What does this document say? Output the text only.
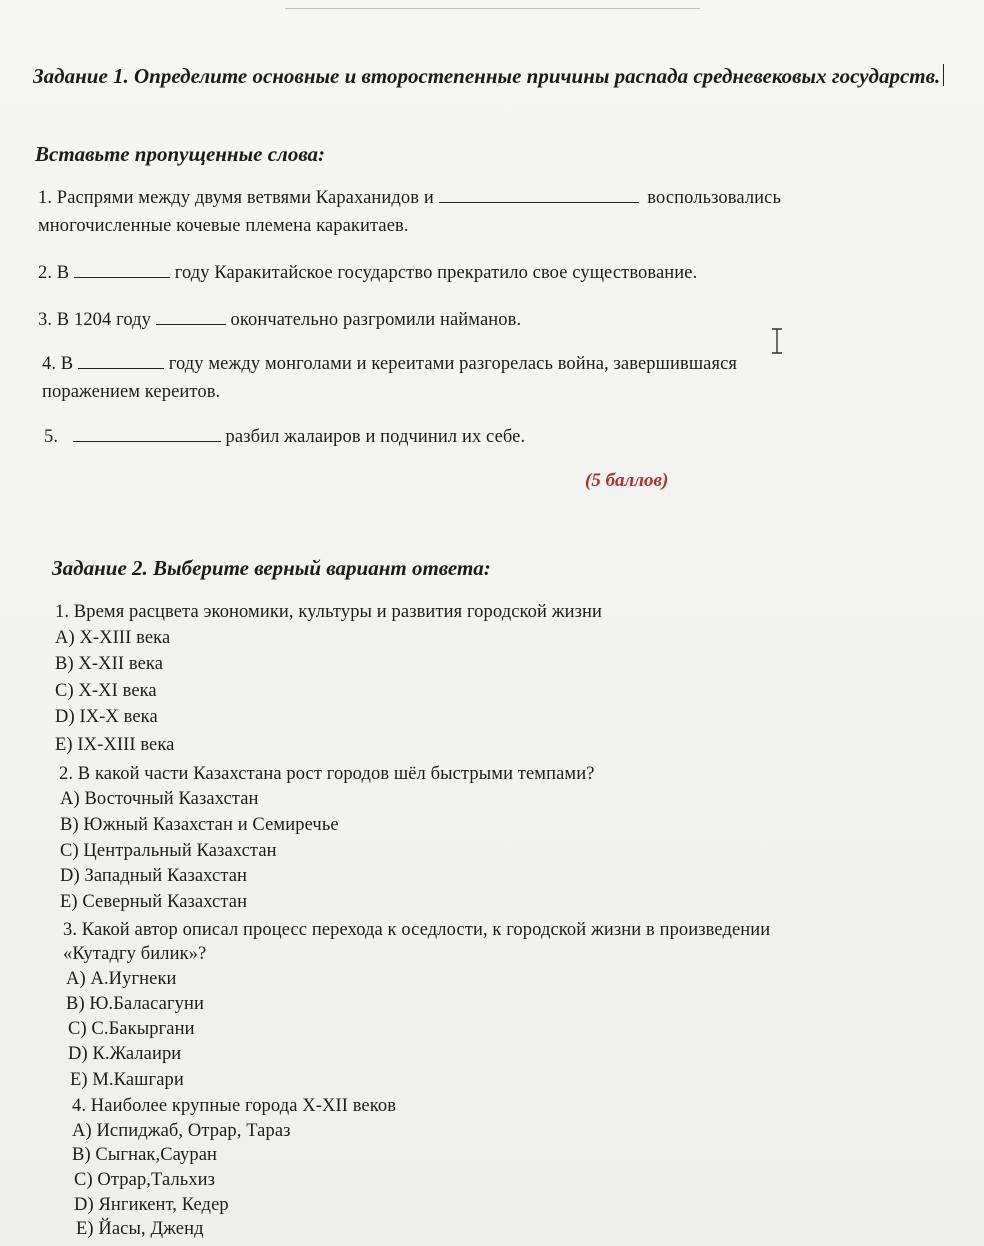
Задание 1. Определите основные и второстепенные причины распада средневековых государств.
Вставьте пропущенные слова:
1. Распрями между двумя ветвями Караханидов и	воспользовались
многочисленные кочевые племена каракитаев.
2. В	году Каракитайское государство прекратило свое существование.
3. В 1204 году	окончательно разгромили найманов.
4. В	году между монголами и кереитами разгорелась война, завершившаяся
поражением кереитов.
5.	разбил жалаиров и подчинил их себе.
(5 баллов)
Задание 2. Выберите верный вариант ответа:
1. Время расцвета экономики, культуры и развития городской жизни
А) X-XIII века
В) X-XII века
С) X-XI века
D) IX-X века
Е) IX-XIII века
2. В какой части Казахстана рост городов шёл быстрыми темпами?
А) Восточный Казахстан
В) Южный Казахстан и Семиречье
С) Центральный Казахстан
D) Западный Казахстан
Е) Северный Казахстан
3. Какой автор описал процесс перехода к оседлости, к городской жизни в произведении
«Кутадгу билик»?
А) А.Иугнеки
В) Ю.Баласагуни
С) С.Бакыргани
D) К.Жалаири
Е) М.Кашгари
4. Наиболее крупные города X-XII веков
А) Испиджаб, Отрар, Тараз
В) Сыгнак,Сауран
С) Отрар,Тальхиз
D) Янгикент, Кедер
Е) Йасы, Дженд
